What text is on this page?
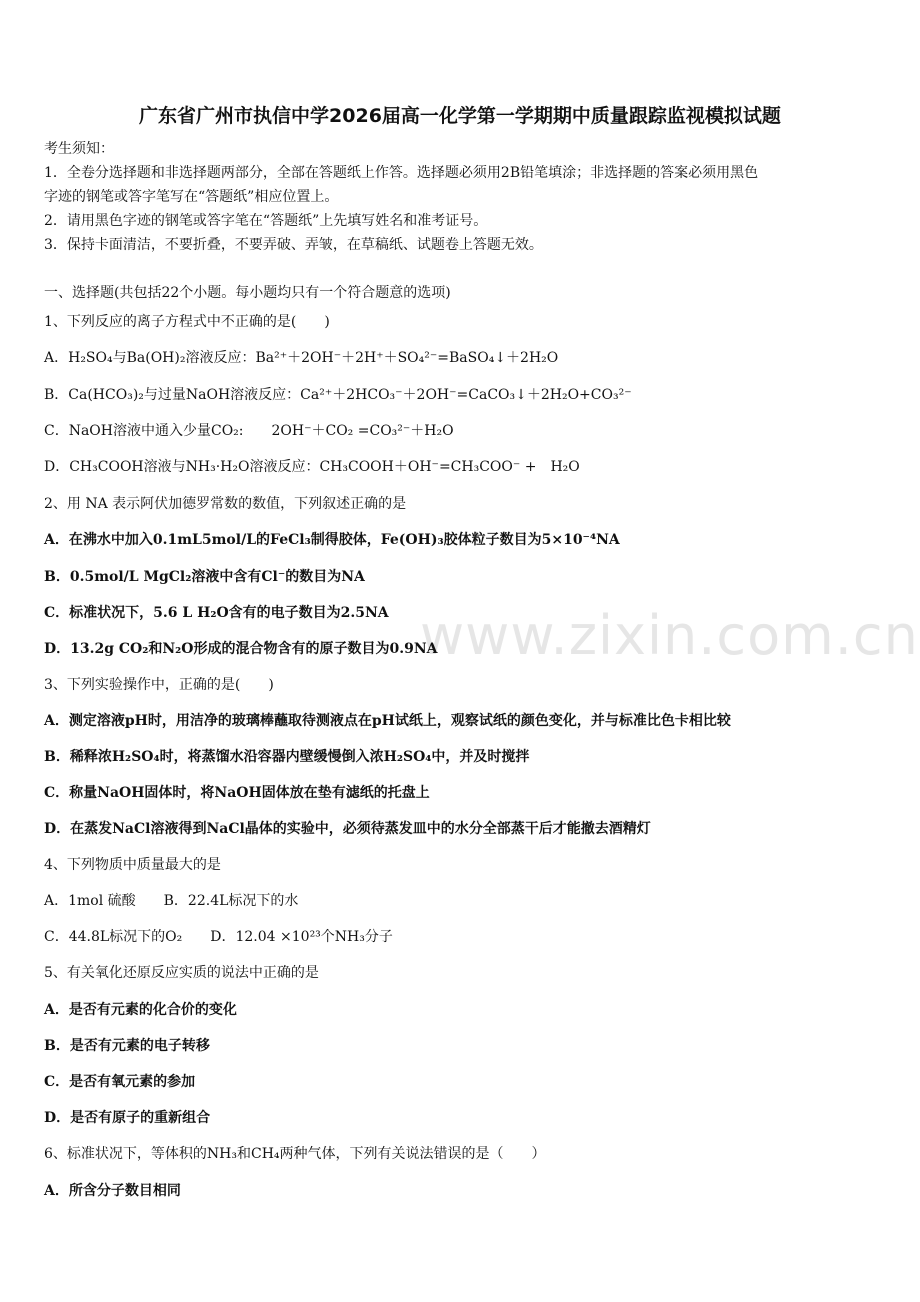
www.zixin.com.cn
广东省广州市执信中学2026届高一化学第一学期期中质量跟踪监视模拟试题
考生须知：
1．全卷分选择题和非选择题两部分，全部在答题纸上作答。选择题必须用2B铅笔填涂；非选择题的答案必须用黑色
字迹的钢笔或答字笔写在“答题纸”相应位置上。
2．请用黑色字迹的钢笔或答字笔在“答题纸”上先填写姓名和准考证号。
3．保持卡面清洁，不要折叠，不要弄破、弄皱，在草稿纸、试题卷上答题无效。
一、选择题(共包括22个小题。每小题均只有一个符合题意的选项)
1、下列反应的离子方程式中不正确的是(　　)
A．H₂SO₄与Ba(OH)₂溶液反应：Ba²⁺＋2OH⁻＋2H⁺＋SO₄²⁻=BaSO₄↓＋2H₂O
B．Ca(HCO₃)₂与过量NaOH溶液反应：Ca²⁺＋2HCO₃⁻＋2OH⁻=CaCO₃↓＋2H₂O+CO₃²⁻
C．NaOH溶液中通入少量CO₂:　　2OH⁻＋CO₂ =CO₃²⁻＋H₂O
D．CH₃COOH溶液与NH₃·H₂O溶液反应：CH₃COOH＋OH⁻=CH₃COO⁻ +　H₂O
2、用 NA 表示阿伏加德罗常数的数值，下列叙述正确的是
A．在沸水中加入0.1mL5mol/L的FeCl₃制得胶体，Fe(OH)₃胶体粒子数目为5×10⁻⁴NA
B．0.5mol/L MgCl₂溶液中含有Cl⁻的数目为NA
C．标准状况下，5.6 L H₂O含有的电子数目为2.5NA
D．13.2g CO₂和N₂O形成的混合物含有的原子数目为0.9NA
3、下列实验操作中，正确的是(　　)
A．测定溶液pH时，用洁净的玻璃棒蘸取待测液点在pH试纸上，观察试纸的颜色变化，并与标准比色卡相比较
B．稀释浓H₂SO₄时，将蒸馏水沿容器内壁缓慢倒入浓H₂SO₄中，并及时搅拌
C．称量NaOH固体时，将NaOH固体放在垫有滤纸的托盘上
D．在蒸发NaCl溶液得到NaCl晶体的实验中，必须待蒸发皿中的水分全部蒸干后才能撤去酒精灯
4、下列物质中质量最大的是
A．1mol 硫酸　　B．22.4L标况下的水
C．44.8L标况下的O₂　　D．12.04 ×10²³个NH₃分子
5、有关氧化还原反应实质的说法中正确的是
A．是否有元素的化合价的变化
B．是否有元素的电子转移
C．是否有氧元素的参加
D．是否有原子的重新组合
6、标准状况下，等体积的NH₃和CH₄两种气体，下列有关说法错误的是（　　）
A．所含分子数目相同
